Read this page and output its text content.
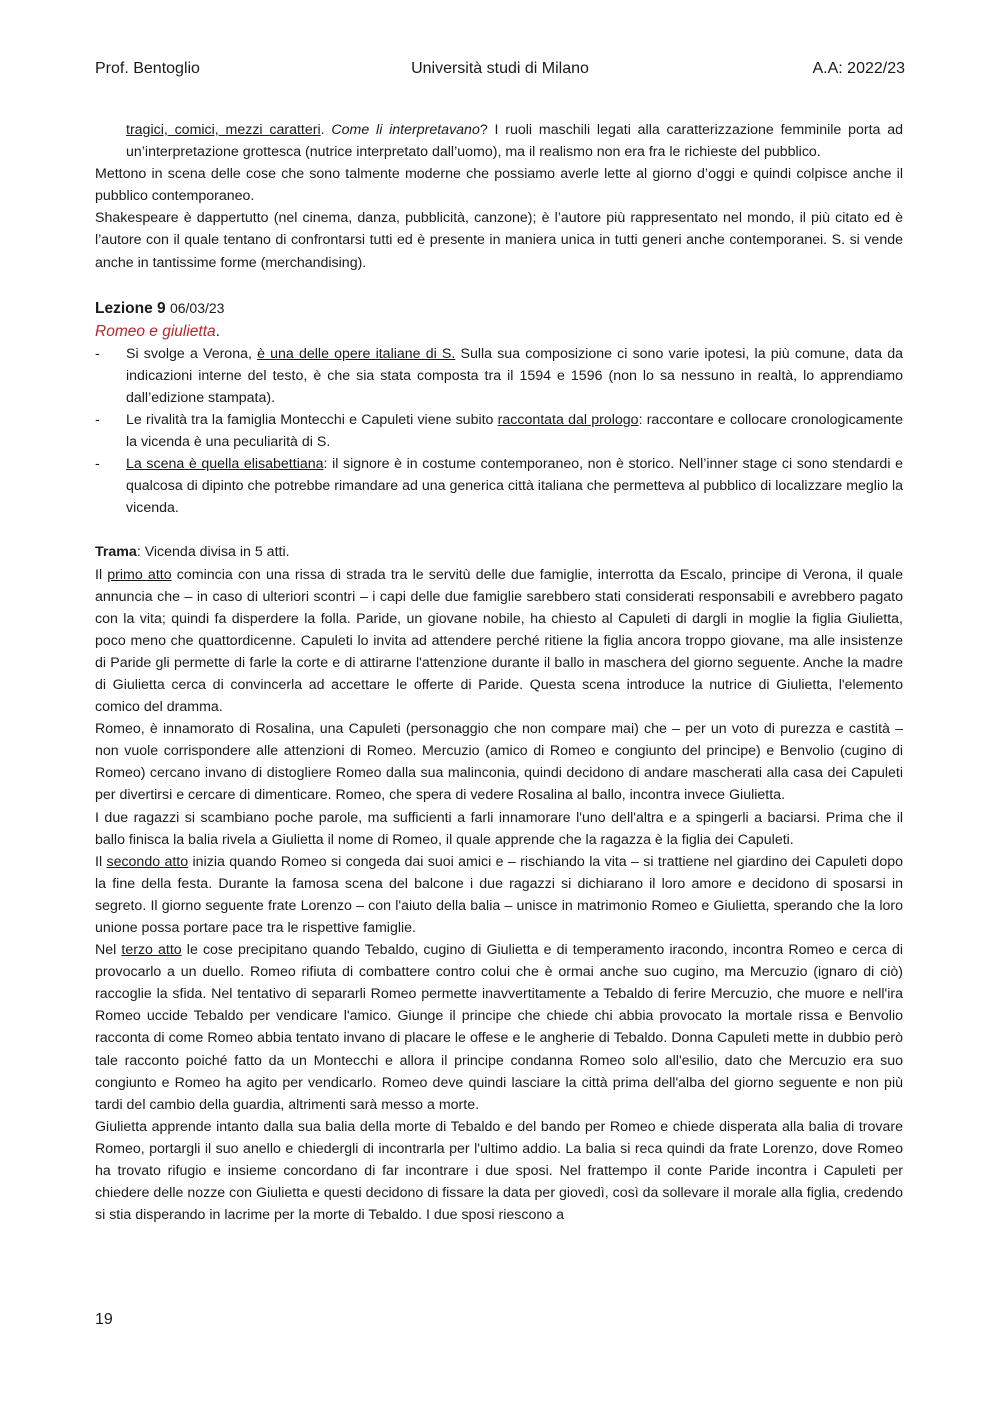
Università studi di Milano
Prof. Bentoglio	A.A: 2022/23

tragici, comici, mezzi caratteri. Come li interpretavano? I ruoli maschili legati alla caratterizzazione femminile porta ad un’interpretazione grottesca (nutrice interpretato dall’uomo), ma il realismo non era fra le richieste del pubblico.

Mettono in scena delle cose che sono talmente moderne che possiamo averle lette al giorno d’oggi e quindi colpisce anche il pubblico contemporaneo.

Shakespeare è dappertutto (nel cinema, danza, pubblicità, canzone); è l’autore più rappresentato nel mondo, il più citato ed è l’autore con il quale tentano di confrontarsi tutti ed è presente in maniera unica in tutti generi anche contemporanei. S. si vende anche in tantissime forme (merchandising).

Lezione 9 06/03/23
Romeo e giulietta.
- Si svolge a Verona, è una delle opere italiane di S. Sulla sua composizione ci sono varie ipotesi, la più comune, data da indicazioni interne del testo, è che sia stata composta tra il 1594 e 1596 (non lo sa nessuno in realtà, lo apprendiamo dall’edizione stampata).
- Le rivalità tra la famiglia Montecchi e Capuleti viene subito raccontata dal prologo: raccontare e collocare cronologicamente la vicenda è una peculiarità di S.
- La scena è quella elisabettiana: il signore è in costume contemporaneo, non è storico. Nell’inner stage ci sono stendardi e qualcosa di dipinto che potrebbe rimandare ad una generica città italiana che permetteva al pubblico di localizzare meglio la vicenda.

Trama: Vicenda divisa in 5 atti.

Il primo atto comincia con una rissa di strada tra le servitù delle due famiglie, interrotta da Escalo, principe di Verona, il quale annuncia che – in caso di ulteriori scontri – i capi delle due famiglie sarebbero stati considerati responsabili e avrebbero pagato con la vita; quindi fa disperdere la folla. Paride, un giovane nobile, ha chiesto al Capuleti di dargli in moglie la figlia Giulietta, poco meno che quattordicenne. Capuleti lo invita ad attendere perché ritiene la figlia ancora troppo giovane, ma alle insistenze di Paride gli permette di farle la corte e di attirarne l'attenzione durante il ballo in maschera del giorno seguente. Anche la madre di Giulietta cerca di convincerla ad accettare le offerte di Paride. Questa scena introduce la nutrice di Giulietta, l'elemento comico del dramma.

Romeo, è innamorato di Rosalina, una Capuleti (personaggio che non compare mai) che – per un voto di purezza e castità – non vuole corrispondere alle attenzioni di Romeo. Mercuzio (amico di Romeo e congiunto del principe) e Benvolio (cugino di Romeo) cercano invano di distogliere Romeo dalla sua malinconia, quindi decidono di andare mascherati alla casa dei Capuleti per divertirsi e cercare di dimenticare. Romeo, che spera di vedere Rosalina al ballo, incontra invece Giulietta.

I due ragazzi si scambiano poche parole, ma sufficienti a farli innamorare l'uno dell'altra e a spingerli a baciarsi. Prima che il ballo finisca la balia rivela a Giulietta il nome di Romeo, il quale apprende che la ragazza è la figlia dei Capuleti.

Il secondo atto inizia quando Romeo si congeda dai suoi amici e – rischiando la vita – si trattiene nel giardino dei Capuleti dopo la fine della festa. Durante la famosa scena del balcone i due ragazzi si dichiarano il loro amore e decidono di sposarsi in segreto. Il giorno seguente frate Lorenzo – con l'aiuto della balia – unisce in matrimonio Romeo e Giulietta, sperando che la loro unione possa portare pace tra le rispettive famiglie.

Nel terzo atto le cose precipitano quando Tebaldo, cugino di Giulietta e di temperamento iracondo, incontra Romeo e cerca di provocarlo a un duello. Romeo rifiuta di combattere contro colui che è ormai anche suo cugino, ma Mercuzio (ignaro di ciò) raccoglie la sfida. Nel tentativo di separarli Romeo permette inavvertitamente a Tebaldo di ferire Mercuzio, che muore e nell'ira Romeo uccide Tebaldo per vendicare l'amico. Giunge il principe che chiede chi abbia provocato la mortale rissa e Benvolio racconta di come Romeo abbia tentato invano di placare le offese e le angherie di Tebaldo. Donna Capuleti mette in dubbio però tale racconto poiché fatto da un Montecchi e allora il principe condanna Romeo solo all'esilio, dato che Mercuzio era suo congiunto e Romeo ha agito per vendicarlo. Romeo deve quindi lasciare la città prima dell'alba del giorno seguente e non più tardi del cambio della guardia, altrimenti sarà messo a morte.

Giulietta apprende intanto dalla sua balia della morte di Tebaldo e del bando per Romeo e chiede disperata alla balia di trovare Romeo, portargli il suo anello e chiedergli di incontrarla per l'ultimo addio. La balia si reca quindi da frate Lorenzo, dove Romeo ha trovato rifugio e insieme concordano di far incontrare i due sposi. Nel frattempo il conte Paride incontra i Capuleti per chiedere delle nozze con Giulietta e questi decidono di fissare la data per giovedì, così da sollevare il morale alla figlia, credendo si stia disperando in lacrime per la morte di Tebaldo. I due sposi riescono a

19
